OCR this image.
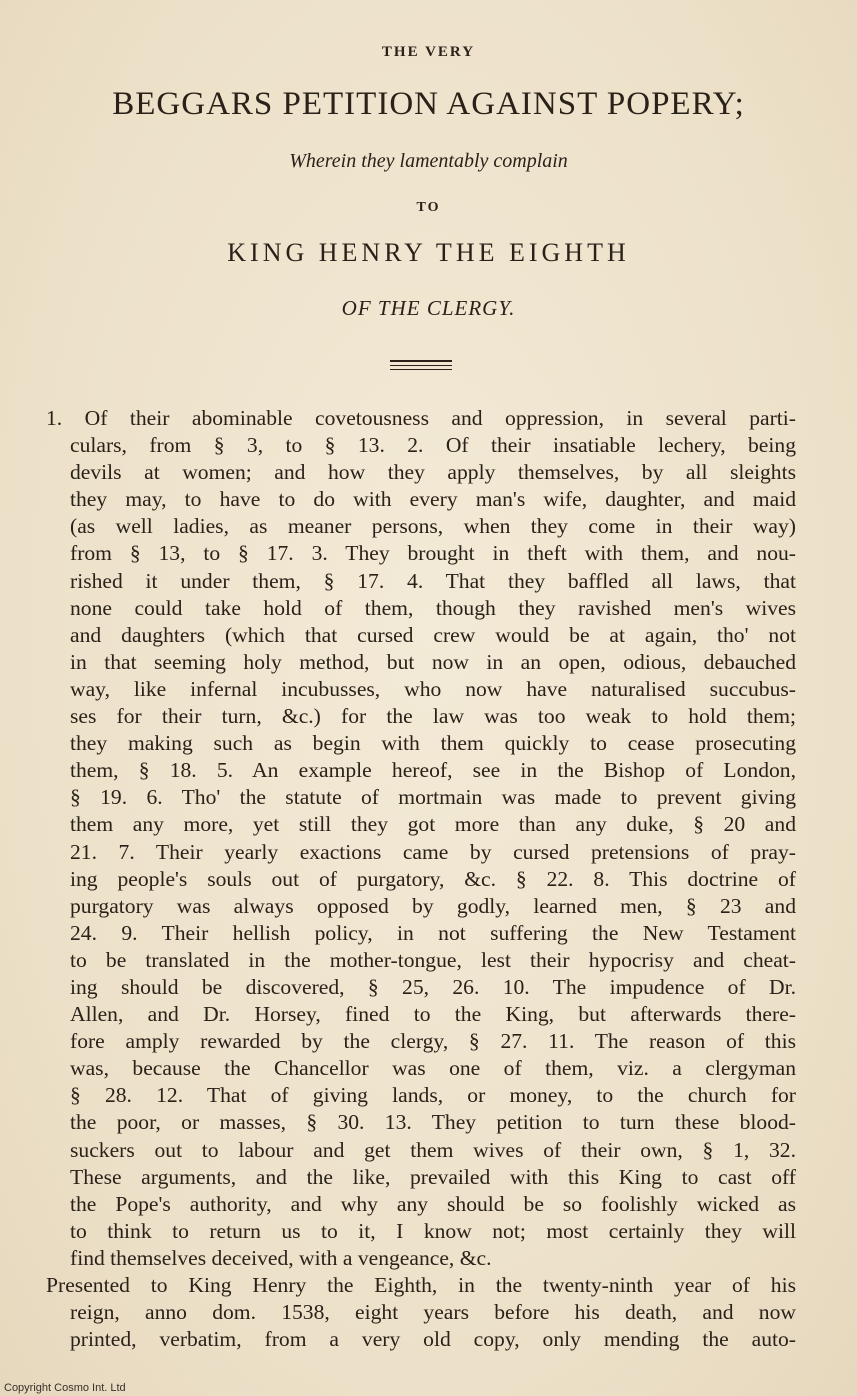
THE VERY
BEGGARS PETITION AGAINST POPERY;
Wherein they lamentably complain
TO
KING HENRY THE EIGHTH
OF THE CLERGY.

1. Of their abominable covetousness and oppression, in several parti-

culars, from § 3, to § 13. 2. Of their insatiable lechery, being

devils at women; and how they apply themselves, by all sleights

they may, to have to do with every man's wife, daughter, and maid

(as well ladies, as meaner persons, when they come in their way)

from § 13, to § 17. 3. They brought in theft with them, and nou-

rished it under them, § 17. 4. That they baffled all laws, that

none could take hold of them, though they ravished men's wives

and daughters (which that cursed crew would be at again, tho' not

in that seeming holy method, but now in an open, odious, debauched

way, like infernal incubusses, who now have naturalised succubus-

ses for their turn, &c.) for the law was too weak to hold them;

they making such as begin with them quickly to cease prosecuting

them, § 18. 5. An example hereof, see in the Bishop of London,

§ 19. 6. Tho' the statute of mortmain was made to prevent giving

them any more, yet still they got more than any duke, § 20 and

21. 7. Their yearly exactions came by cursed pretensions of pray-

ing people's souls out of purgatory, &c. § 22. 8. This doctrine of

purgatory was always opposed by godly, learned men, § 23 and

24. 9. Their hellish policy, in not suffering the New Testament

to be translated in the mother-tongue, lest their hypocrisy and cheat-

ing should be discovered, § 25, 26. 10. The impudence of Dr.

Allen, and Dr. Horsey, fined to the King, but afterwards there-

fore amply rewarded by the clergy, § 27. 11. The reason of this

was, because the Chancellor was one of them, viz. a clergyman

§ 28. 12. That of giving lands, or money, to the church for

the poor, or masses, § 30. 13. They petition to turn these blood-

suckers out to labour and get them wives of their own, § 1, 32.

These arguments, and the like, prevailed with this King to cast off

the Pope's authority, and why any should be so foolishly wicked as

to think to return us to it, I know not; most certainly they will

find themselves deceived, with a vengeance, &c.

Presented to King Henry the Eighth, in the twenty-ninth year of his

reign, anno dom. 1538, eight years before his death, and now

printed, verbatim, from a very old copy, only mending the auto-

Copyright Cosmo Int. Ltd
